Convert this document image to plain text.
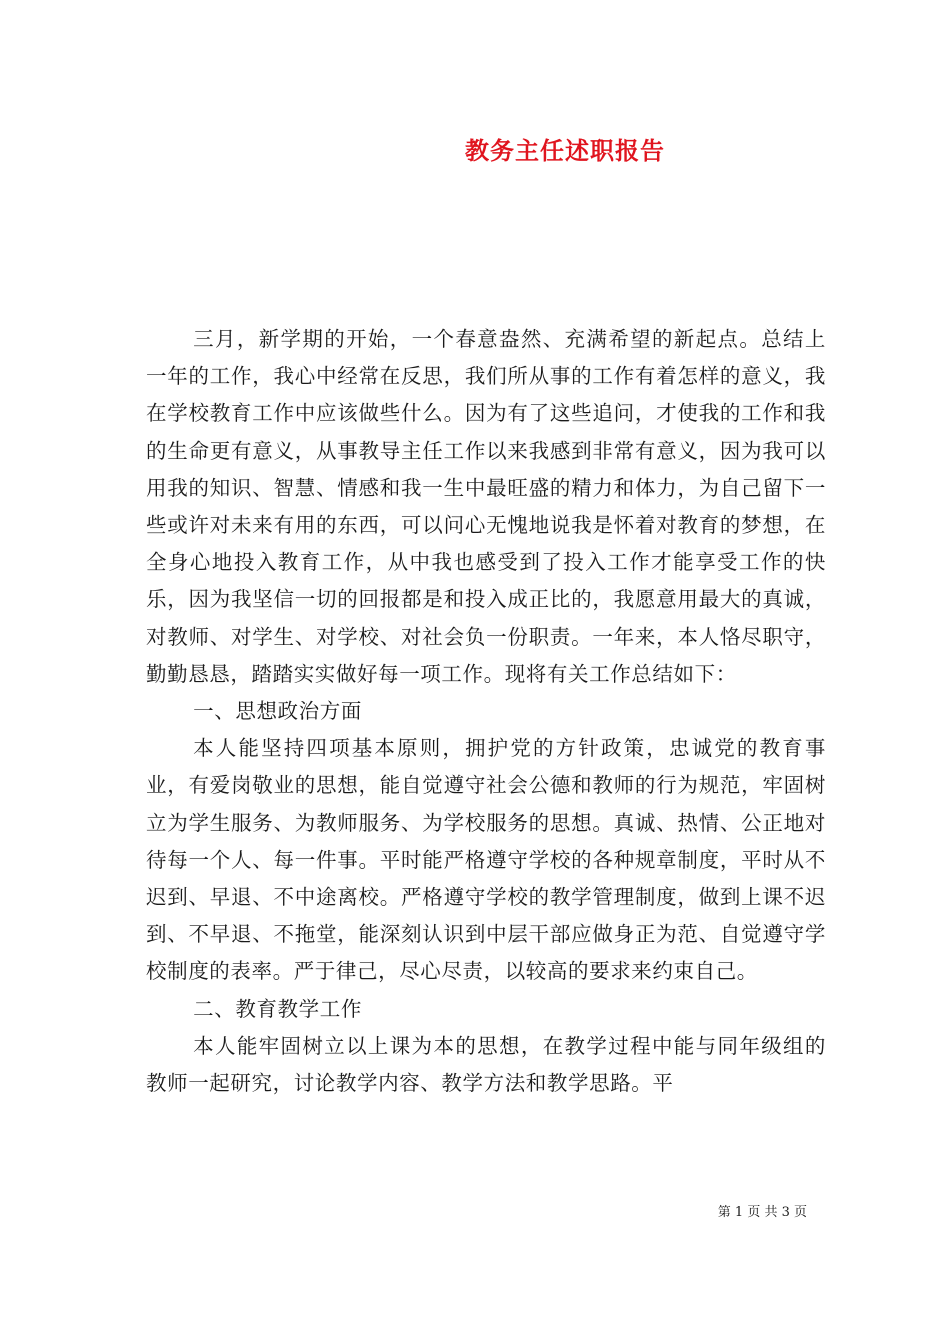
教务主任述职报告

三月，新学期的开始，一个春意盎然、充满希望的新起点。总结上一年的工作，我心中经常在反思，我们所从事的工作有着怎样的意义，我在学校教育工作中应该做些什么。因为有了这些追问，才使我的工作和我的生命更有意义，从事教导主任工作以来我感到非常有意义，因为我可以用我的知识、智慧、情感和我一生中最旺盛的精力和体力，为自己留下一些或许对未来有用的东西，可以问心无愧地说我是怀着对教育的梦想，在全身心地投入教育工作，从中我也感受到了投入工作才能享受工作的快乐，因为我坚信一切的回报都是和投入成正比的，我愿意用最大的真诚，对教师、对学生、对学校、对社会负一份职责。一年来，本人恪尽职守，勤勤恳恳，踏踏实实做好每一项工作。现将有关工作总结如下：

一、思想政治方面

本人能坚持四项基本原则，拥护党的方针政策，忠诚党的教育事业，有爱岗敬业的思想，能自觉遵守社会公德和教师的行为规范，牢固树立为学生服务、为教师服务、为学校服务的思想。真诚、热情、公正地对待每一个人、每一件事。平时能严格遵守学校的各种规章制度，平时从不迟到、早退、不中途离校。严格遵守学校的教学管理制度，做到上课不迟到、不早退、不拖堂，能深刻认识到中层干部应做身正为范、自觉遵守学校制度的表率。严于律己，尽心尽责，以较高的要求来约束自己。

二、教育教学工作

本人能牢固树立以上课为本的思想，在教学过程中能与同年级组的教师一起研究，讨论教学内容、教学方法和教学思路。平

第 1 页 共 3 页
